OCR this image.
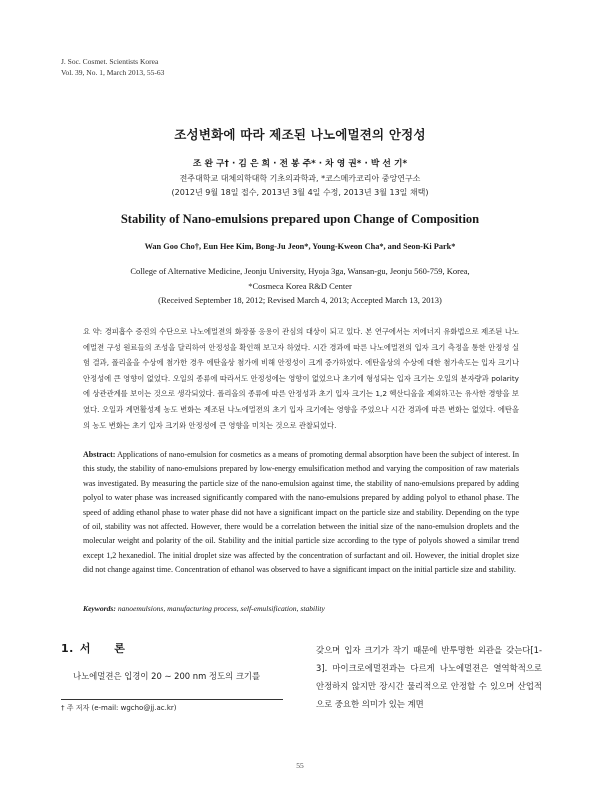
J. Soc. Cosmet. Scientists Korea
Vol. 39, No. 1, March 2013, 55-63
조성변화에 따라 제조된 나노에멀젼의 안정성
조 완 구† · 김 은 희 · 전 봉 주* · 차 영 권* · 박 선 기*
전주대학교 대체의학대학 기초의과학과, *코스메카코리아 중앙연구소
(2012년 9월 18일 접수, 2013년 3월 4일 수정, 2013년 3월 13일 채택)
Stability of Nano-emulsions prepared upon Change of Composition
Wan Goo Cho†, Eun Hee Kim, Bong-Ju Jeon*, Young-Kweon Cha*, and Seon-Ki Park*
College of Alternative Medicine, Jeonju University, Hyoja 3ga, Wansan-gu, Jeonju 560-759, Korea,
*Cosmeca Korea R&D Center
(Received September 18, 2012; Revised March 4, 2013; Accepted March 13, 2013)
요 약: 경피흡수 증진의 수단으로 나노에멀젼의 화장품 응용이 관심의 대상이 되고 있다. 본 연구에서는 저에너지 유화법으로 제조된 나노에멀젼 구성 원료들의 조성을 달리하여 안정성을 확인해 보고자 하였다. 시간 경과에 따른 나노에멀젼의 입자 크기 측정을 통한 안정성 실험 결과, 폴리올을 수상에 첨가한 경우 에탄올상 첨가에 비해 안정성이 크게 증가하였다. 에탄올상의 수상에 대한 첨가속도는 입자 크기나 안정성에 큰 영향이 없었다. 오일의 종류에 따라서도 안정성에는 영향이 없었으나 초기에 형성되는 입자 크기는 오일의 분자량과 polarity에 상관관계를 보이는 것으로 생각되었다. 폴리올의 종류에 따른 안정성과 초기 입자 크기는 1,2 헥산디올을 제외하고는 유사한 경향을 보였다. 오일과 계면활성제 농도 변화는 제조된 나노에멀젼의 초기 입자 크기에는 영향을 주었으나 시간 경과에 따른 변화는 없었다. 에탄올의 농도 변화는 초기 입자 크기와 안정성에 큰 영향을 미치는 것으로 관찰되었다.
Abstract: Applications of nano-emulsion for cosmetics as a means of promoting dermal absorption have been the subject of interest. In this study, the stability of nano-emulsions prepared by low-energy emulsification method and varying the composition of raw materials was investigated. By measuring the particle size of the nano-emulsion against time, the stability of nano-emulsions prepared by adding polyol to water phase was increased significantly compared with the nano-emulsions prepared by adding polyol to ethanol phase. The speed of adding ethanol phase to water phase did not have a significant impact on the particle size and stability. Depending on the type of oil, stability was not affected. However, there would be a correlation between the initial size of the nano-emulsion droplets and the molecular weight and polarity of the oil. Stability and the initial particle size according to the type of polyols showed a similar trend except 1,2 hexanediol. The initial droplet size was affected by the concentration of surfactant and oil. However, the initial droplet size did not change against time. Concentration of ethanol was observed to have a significant impact on the initial particle size and stability.
Keywords: nanoemulsions, manufacturing process, self-emulsification, stability
1. 서 론
나노에멀젼은 입경이 20 ∼ 200 nm 정도의 크기를
갖으며 입자 크기가 작기 때문에 반투명한 외관을 갖는다[1-3]. 마이크로에멀젼과는 다르게 나노에멀젼은 열역학적으로 안정하지 않지만 장시간 물리적으로 안정할 수 있으며 산업적으로 중요한 의미가 있는 계면
† 주 저자 (e-mail: wgcho@jj.ac.kr)
55
